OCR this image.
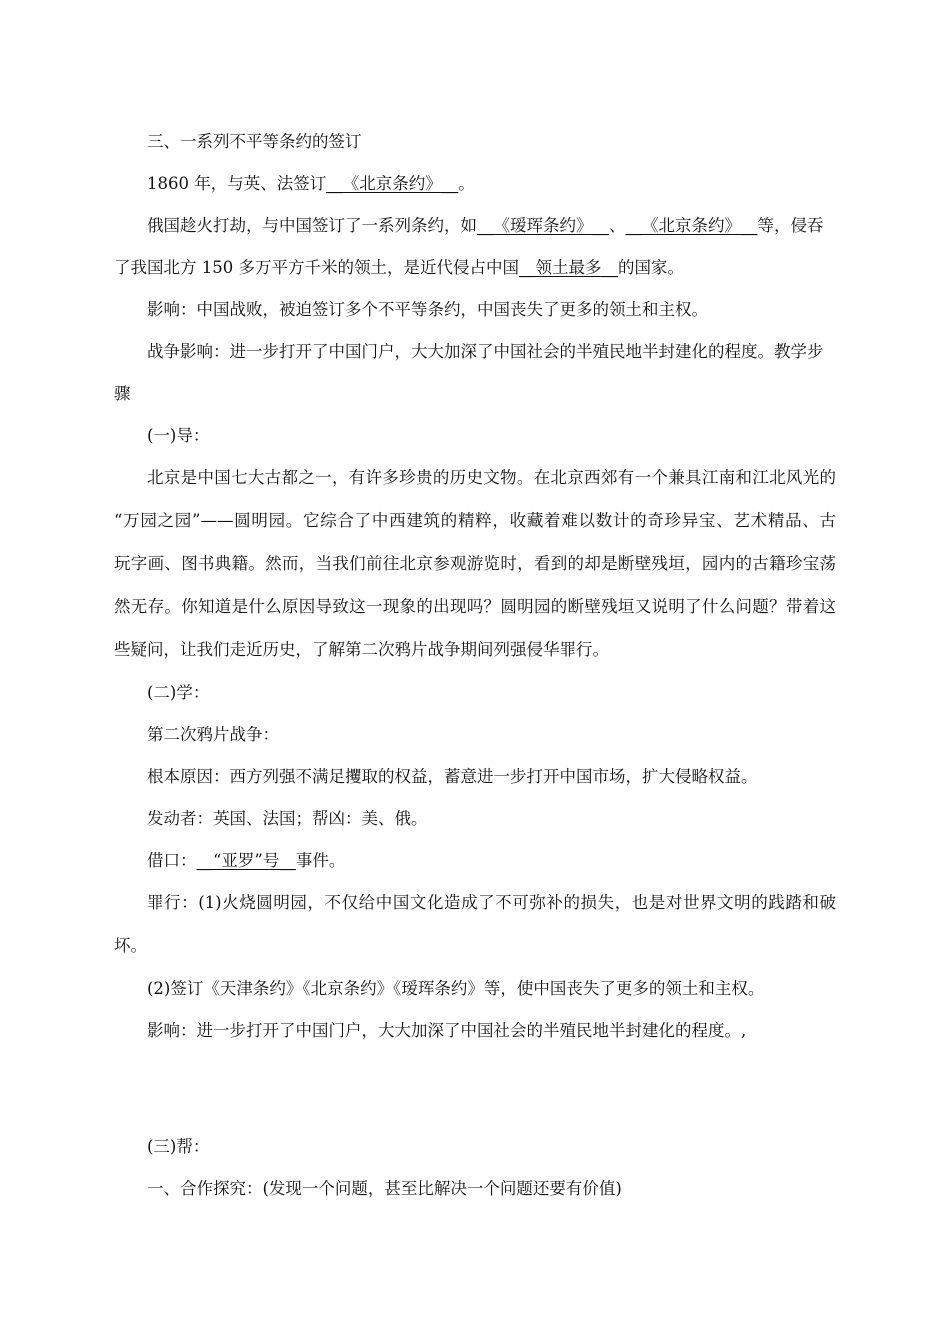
三、一系列不平等条约的签订
1860 年，与英、法签订__《北京条约》__。
俄国趁火打劫，与中国签订了一系列条约，如__《瑷珲条约》__、__《北京条约》__等，侵吞
了我国北方 150 多万平方千米的领土，是近代侵占中国__领土最多__的国家。
影响：中国战败，被迫签订多个不平等条约，中国丧失了更多的领土和主权。
战争影响：进一步打开了中国门户，大大加深了中国社会的半殖民地半封建化的程度。教学步
骤
(一)导：
北京是中国七大古都之一，有许多珍贵的历史文物。在北京西郊有一个兼具江南和江北风光的
“万园之园”——圆明园。它综合了中西建筑的精粹，收藏着难以数计的奇珍异宝、艺术精品、古
玩字画、图书典籍。然而，当我们前往北京参观游览时，看到的却是断壁残垣，园内的古籍珍宝荡
然无存。你知道是什么原因导致这一现象的出现吗？圆明园的断壁残垣又说明了什么问题？带着这
些疑问，让我们走近历史，了解第二次鸦片战争期间列强侵华罪行。
(二)学：
第二次鸦片战争：
根本原因：西方列强不满足攫取的权益，蓄意进一步打开中国市场，扩大侵略权益。
发动者：英国、法国；帮凶：美、俄。
借口：__“亚罗”号__事件。
罪行：(1)火烧圆明园，不仅给中国文化造成了不可弥补的损失，也是对世界文明的践踏和破
坏。
(2)签订《天津条约》《北京条约》《瑷珲条约》等，使中国丧失了更多的领土和主权。
影响：进一步打开了中国门户，大大加深了中国社会的半殖民地半封建化的程度。,
(三)帮：
一、合作探究：(发现一个问题，甚至比解决一个问题还要有价值)
